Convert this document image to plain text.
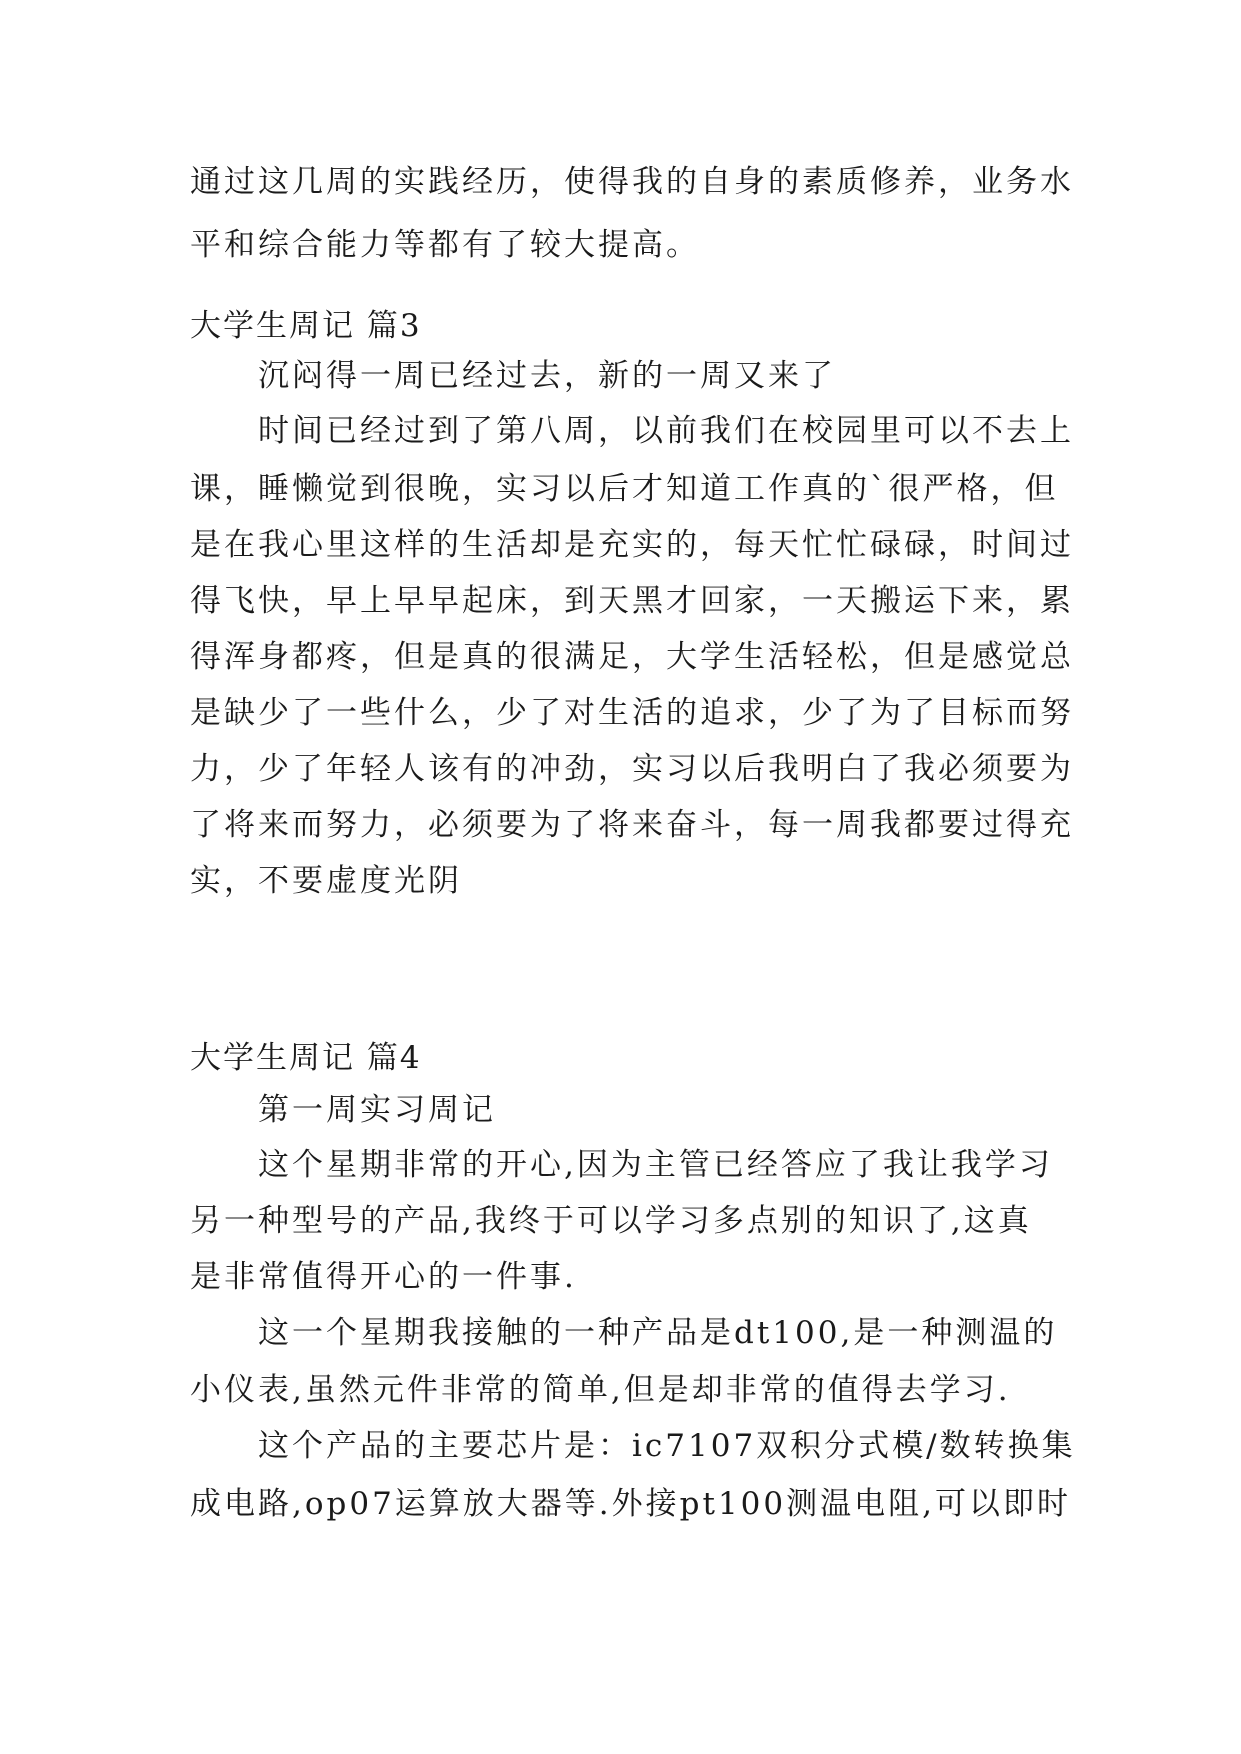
通过这几周的实践经历，使得我的自身的素质修养，业务水
平和综合能力等都有了较大提高。
大学生周记 篇3
沉闷得一周已经过去，新的一周又来了
时间已经过到了第八周，以前我们在校园里可以不去上
课，睡懒觉到很晚，实习以后才知道工作真的`很严格，但
是在我心里这样的生活却是充实的，每天忙忙碌碌，时间过
得飞快，早上早早起床，到天黑才回家，一天搬运下来，累
得浑身都疼，但是真的很满足，大学生活轻松，但是感觉总
是缺少了一些什么，少了对生活的追求，少了为了目标而努
力，少了年轻人该有的冲劲，实习以后我明白了我必须要为
了将来而努力，必须要为了将来奋斗，每一周我都要过得充
实，不要虚度光阴
大学生周记 篇4
第一周实习周记
这个星期非常的开心,因为主管已经答应了我让我学习
另一种型号的产品,我终于可以学习多点别的知识了,这真
是非常值得开心的一件事.
这一个星期我接触的一种产品是dt100,是一种测温的
小仪表,虽然元件非常的简单,但是却非常的值得去学习.
这个产品的主要芯片是：ic7107双积分式模/数转换集
成电路,op07运算放大器等.外接pt100测温电阻,可以即时
